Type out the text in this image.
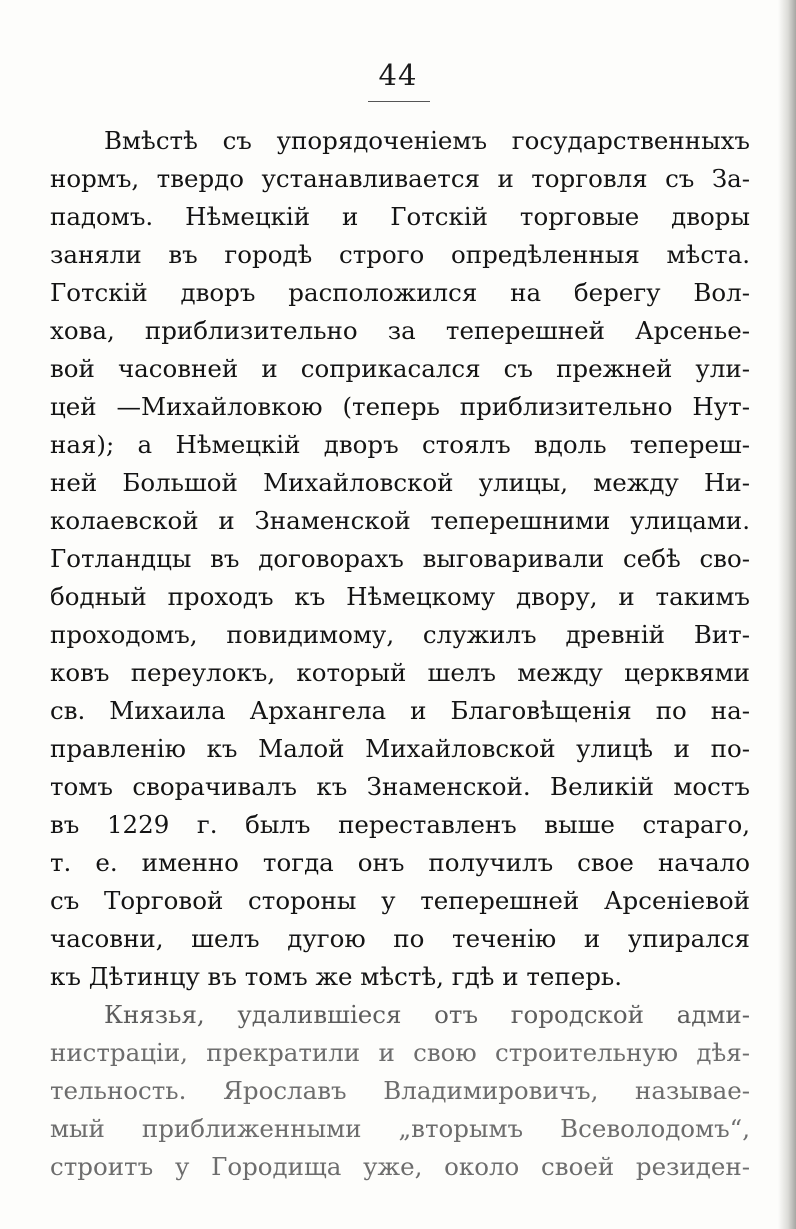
44
Вмѣстѣ съ упорядоченіемъ государственныхъ
нормъ, твердо устанавливается и торговля съ За-
падомъ. Нѣмецкій и Готскій торговые дворы
заняли въ городѣ строго опредѣленныя мѣста.
Готскій дворъ расположился на берегу Вол-
хова, приблизительно за теперешней Арсенье-
вой часовней и соприкасался съ прежней ули-
цей —Михайловкою (теперь приблизительно Нут-
ная); а Нѣмецкій дворъ стоялъ вдоль тепереш-
ней Большой Михайловской улицы, между Ни-
колаевской и Знаменской теперешними улицами.
Готландцы въ договорахъ выговаривали себѣ сво-
бодный проходъ къ Нѣмецкому двору, и такимъ
проходомъ, повидимому, служилъ древній Вит-
ковъ переулокъ, который шелъ между церквями
св. Михаила Архангела и Благовѣщенія по на-
правленію къ Малой Михайловской улицѣ и по-
томъ сворачивалъ къ Знаменской. Великій мостъ
въ 1229 г. былъ переставленъ выше стараго,
т. е. именно тогда онъ получилъ свое начало
съ Торговой стороны у теперешней Арсеніевой
часовни, шелъ дугою по теченію и упирался
къ Дѣтинцу въ томъ же мѣстѣ, гдѣ и теперь.
Князья, удалившіеся отъ городской адми-
нистраціи, прекратили и свою строительную дѣя-
тельность. Ярославъ Владимировичъ, называе-
мый приближенными „вторымъ Всеволодомъ“,
строитъ у Городища уже, около своей резиден-
